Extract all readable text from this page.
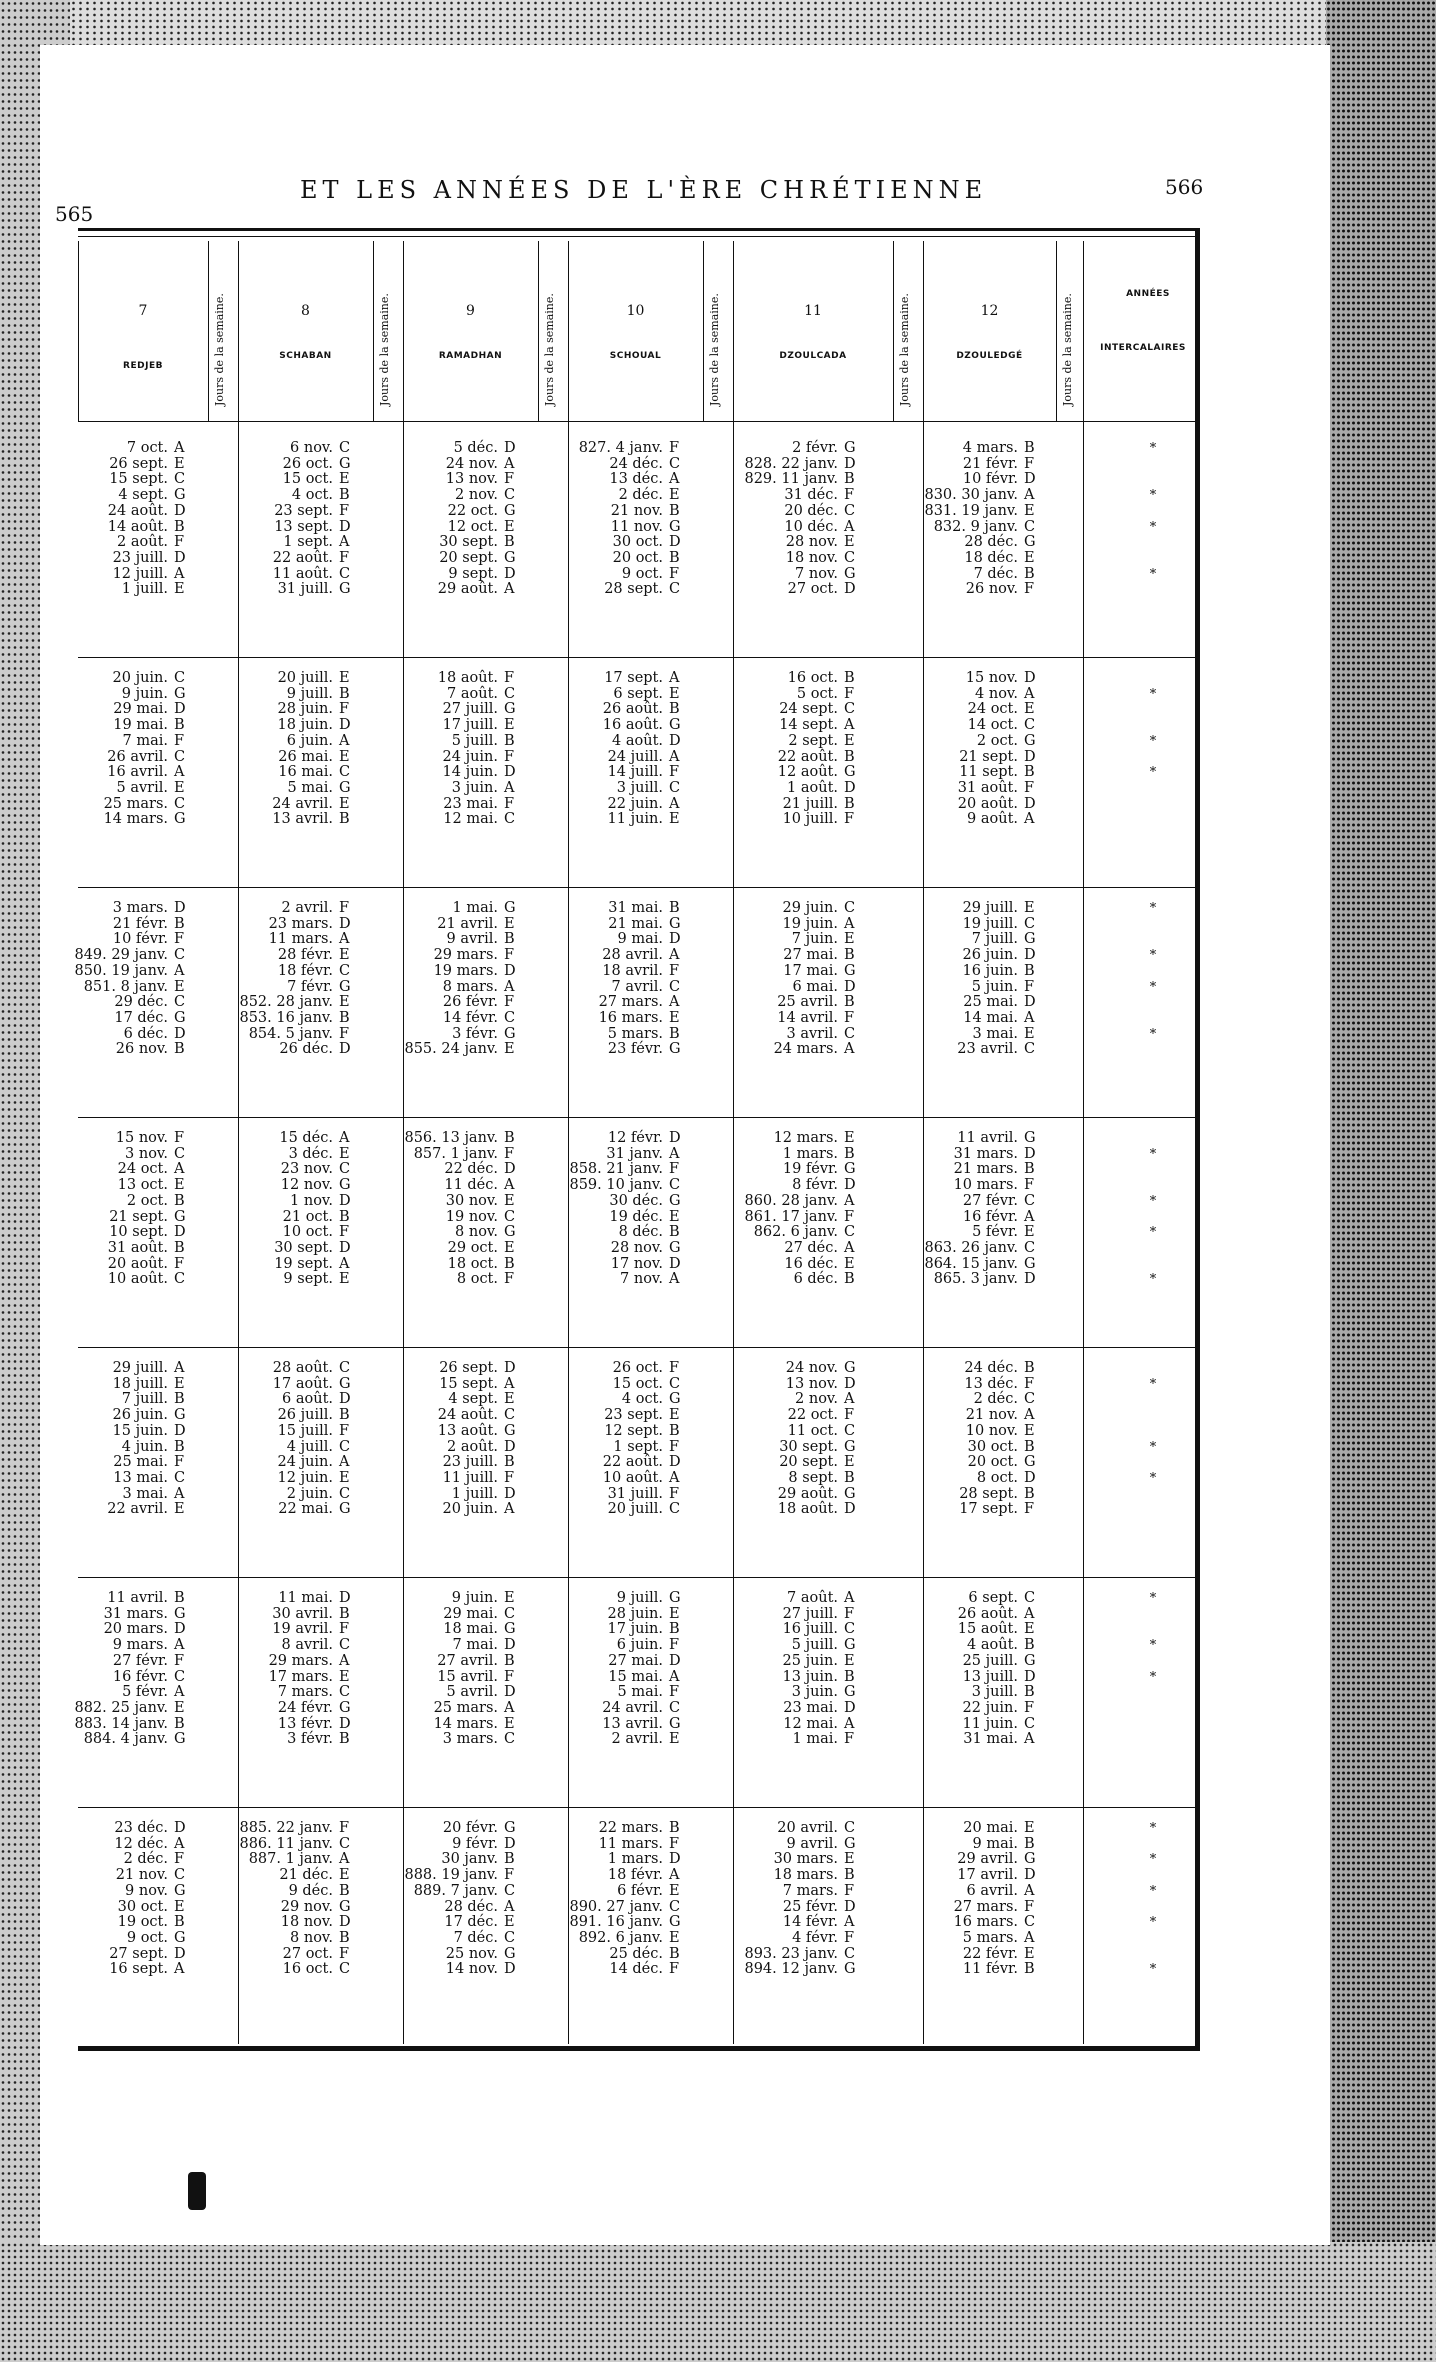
565
ET LES ANNÉES DE L'ÈRE CHRÉTIENNE	566
7
REDJEB	Jours de la semaine.	8
SCHABAN	Jours de la semaine.	9
RAMADHAN	Jours de la semaine.	10
SCHOUAL	Jours de la semaine.	11
DZOULCADA	Jours de la semaine.	12
DZOULEDGÉ	Jours de la semaine.	ANNÉES
INTERCALAIRES
7 oct. A	6 nov. C	5 déc. D	827. 4 janv. F	2 févr. G	4 mars. B	*
26 sept. E	26 oct. G	24 nov. A	24 déc. C	828. 22 janv. D	21 févr. F
15 sept. C	15 oct. E	13 nov. F	13 déc. A	829. 11 janv. B	10 févr. D
4 sept. G	4 oct. B	2 nov. C	2 déc. E	31 déc. F	830. 30 janv. A	*
24 août. D	23 sept. F	22 oct. G	21 nov. B	20 déc. C	831. 19 janv. E
14 août. B	13 sept. D	12 oct. E	11 nov. G	10 déc. A	832. 9 janv. C	*
2 août. F	1 sept. A	30 sept. B	30 oct. D	28 nov. E	28 déc. G
23 juill. D	22 août. F	20 sept. G	20 oct. B	18 nov. C	18 déc. E
12 juill. A	11 août. C	9 sept. D	9 oct. F	7 nov. G	7 déc. B	*
1 juill. E	31 juill. G	29 août. A	28 sept. C	27 oct. D	26 nov. F
20 juin. C	20 juill. E	18 août. F	17 sept. A	16 oct. B	15 nov. D
9 juin. G	9 juill. B	7 août. C	6 sept. E	5 oct. F	4 nov. A	*
29 mai. D	28 juin. F	27 juill. G	26 août. B	24 sept. C	24 oct. E
19 mai. B	18 juin. D	17 juill. E	16 août. G	14 sept. A	14 oct. C
7 mai. F	6 juin. A	5 juill. B	4 août. D	2 sept. E	2 oct. G	*
26 avril. C	26 mai. E	24 juin. F	24 juill. A	22 août. B	21 sept. D
16 avril. A	16 mai. C	14 juin. D	14 juill. F	12 août. G	11 sept. B	*
5 avril. E	5 mai. G	3 juin. A	3 juill. C	1 août. D	31 août. F
25 mars. C	24 avril. E	23 mai. F	22 juin. A	21 juill. B	20 août. D
14 mars. G	13 avril. B	12 mai. C	11 juin. E	10 juill. F	9 août. A
3 mars. D	2 avril. F	1 mai. G	31 mai. B	29 juin. C	29 juill. E	*
21 févr. B	23 mars. D	21 avril. E	21 mai. G	19 juin. A	19 juill. C
10 févr. F	11 mars. A	9 avril. B	9 mai. D	7 juin. E	7 juill. G
849. 29 janv. C	28 févr. E	29 mars. F	28 avril. A	27 mai. B	26 juin. D	*
850. 19 janv. A	18 févr. C	19 mars. D	18 avril. F	17 mai. G	16 juin. B
851. 8 janv. E	7 févr. G	8 mars. A	7 avril. C	6 mai. D	5 juin. F	*
29 déc. C	852. 28 janv. E	26 févr. F	27 mars. A	25 avril. B	25 mai. D
17 déc. G	853. 16 janv. B	14 févr. C	16 mars. E	14 avril. F	14 mai. A
6 déc. D	854. 5 janv. F	3 févr. G	5 mars. B	3 avril. C	3 mai. E	*
26 nov. B	26 déc. D	855. 24 janv. E	23 févr. G	24 mars. A	23 avril. C
15 nov. F	15 déc. A	856. 13 janv. B	12 févr. D	12 mars. E	11 avril. G
3 nov. C	3 déc. E	857. 1 janv. F	31 janv. A	1 mars. B	31 mars. D	*
24 oct. A	23 nov. C	22 déc. D	858. 21 janv. F	19 févr. G	21 mars. B
13 oct. E	12 nov. G	11 déc. A	859. 10 janv. C	8 févr. D	10 mars. F
2 oct. B	1 nov. D	30 nov. E	30 déc. G	860. 28 janv. A	27 févr. C	*
21 sept. G	21 oct. B	19 nov. C	19 déc. E	861. 17 janv. F	16 févr. A
10 sept. D	10 oct. F	8 nov. G	8 déc. B	862. 6 janv. C	5 févr. E	*
31 août. B	30 sept. D	29 oct. E	28 nov. G	27 déc. A	863. 26 janv. C
20 août. F	19 sept. A	18 oct. B	17 nov. D	16 déc. E	864. 15 janv. G
10 août. C	9 sept. E	8 oct. F	7 nov. A	6 déc. B	865. 3 janv. D	*
29 juill. A	28 août. C	26 sept. D	26 oct. F	24 nov. G	24 déc. B
18 juill. E	17 août. G	15 sept. A	15 oct. C	13 nov. D	13 déc. F	*
7 juill. B	6 août. D	4 sept. E	4 oct. G	2 nov. A	2 déc. C
26 juin. G	26 juill. B	24 août. C	23 sept. E	22 oct. F	21 nov. A
15 juin. D	15 juill. F	13 août. G	12 sept. B	11 oct. C	10 nov. E
4 juin. B	4 juill. C	2 août. D	1 sept. F	30 sept. G	30 oct. B	*
25 mai. F	24 juin. A	23 juill. B	22 août. D	20 sept. E	20 oct. G
13 mai. C	12 juin. E	11 juill. F	10 août. A	8 sept. B	8 oct. D	*
3 mai. A	2 juin. C	1 juill. D	31 juill. F	29 août. G	28 sept. B
22 avril. E	22 mai. G	20 juin. A	20 juill. C	18 août. D	17 sept. F
11 avril. B	11 mai. D	9 juin. E	9 juill. G	7 août. A	6 sept. C	*
31 mars. G	30 avril. B	29 mai. C	28 juin. E	27 juill. F	26 août. A
20 mars. D	19 avril. F	18 mai. G	17 juin. B	16 juill. C	15 août. E
9 mars. A	8 avril. C	7 mai. D	6 juin. F	5 juill. G	4 août. B	*
27 févr. F	29 mars. A	27 avril. B	27 mai. D	25 juin. E	25 juill. G
16 févr. C	17 mars. E	15 avril. F	15 mai. A	13 juin. B	13 juill. D	*
5 févr. A	7 mars. C	5 avril. D	5 mai. F	3 juin. G	3 juill. B
882. 25 janv. E	24 févr. G	25 mars. A	24 avril. C	23 mai. D	22 juin. F
883. 14 janv. B	13 févr. D	14 mars. E	13 avril. G	12 mai. A	11 juin. C
884. 4 janv. G	3 févr. B	3 mars. C	2 avril. E	1 mai. F	31 mai. A
23 déc. D	885. 22 janv. F	20 févr. G	22 mars. B	20 avril. C	20 mai. E	*
12 déc. A	886. 11 janv. C	9 févr. D	11 mars. F	9 avril. G	9 mai. B
2 déc. F	887. 1 janv. A	30 janv. B	1 mars. D	30 mars. E	29 avril. G	*
21 nov. C	21 déc. E	888. 19 janv. F	18 févr. A	18 mars. B	17 avril. D
9 nov. G	9 déc. B	889. 7 janv. C	6 févr. E	7 mars. F	6 avril. A	*
30 oct. E	29 nov. G	28 déc. A	890. 27 janv. C	25 févr. D	27 mars. F
19 oct. B	18 nov. D	17 déc. E	891. 16 janv. G	14 févr. A	16 mars. C	*
9 oct. G	8 nov. B	7 déc. C	892. 6 janv. E	4 févr. F	5 mars. A
27 sept. D	27 oct. F	25 nov. G	25 déc. B	893. 23 janv. C	22 févr. E
16 sept. A	16 oct. C	14 nov. D	14 déc. F	894. 12 janv. G	11 févr. B	*
